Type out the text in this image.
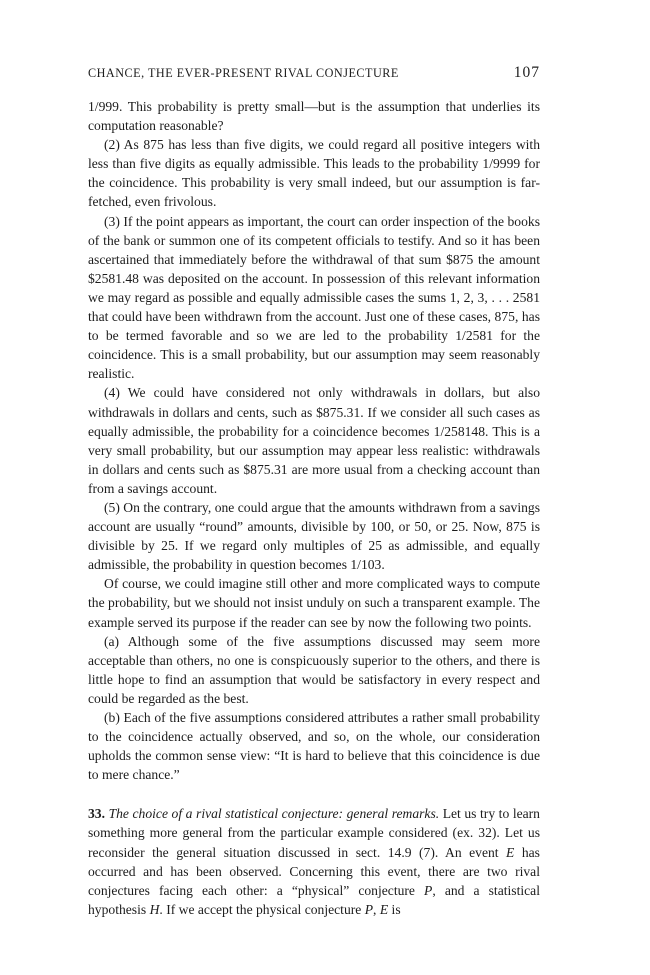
CHANCE, THE EVER-PRESENT RIVAL CONJECTURE	107

1/999. This probability is pretty small—but is the assumption that underlies its computation reasonable?

(2) As 875 has less than five digits, we could regard all positive integers with less than five digits as equally admissible. This leads to the probability 1/9999 for the coincidence. This probability is very small indeed, but our assumption is far-fetched, even frivolous.

(3) If the point appears as important, the court can order inspection of the books of the bank or summon one of its competent officials to testify. And so it has been ascertained that immediately before the withdrawal of that sum $875 the amount $2581.48 was deposited on the account. In possession of this relevant information we may regard as possible and equally admissible cases the sums 1, 2, 3, . . . 2581 that could have been withdrawn from the account. Just one of these cases, 875, has to be termed favorable and so we are led to the probability 1/2581 for the coincidence. This is a small probability, but our assumption may seem reasonably realistic.

(4) We could have considered not only withdrawals in dollars, but also withdrawals in dollars and cents, such as $875.31. If we consider all such cases as equally admissible, the probability for a coincidence becomes 1/258148. This is a very small probability, but our assumption may appear less realistic: withdrawals in dollars and cents such as $875.31 are more usual from a checking account than from a savings account.

(5) On the contrary, one could argue that the amounts withdrawn from a savings account are usually “round” amounts, divisible by 100, or 50, or 25. Now, 875 is divisible by 25. If we regard only multiples of 25 as admissible, and equally admissible, the probability in question becomes 1/103.

Of course, we could imagine still other and more complicated ways to compute the probability, but we should not insist unduly on such a transparent example. The example served its purpose if the reader can see by now the following two points.

(a) Although some of the five assumptions discussed may seem more acceptable than others, no one is conspicuously superior to the others, and there is little hope to find an assumption that would be satisfactory in every respect and could be regarded as the best.

(b) Each of the five assumptions considered attributes a rather small probability to the coincidence actually observed, and so, on the whole, our consideration upholds the common sense view: “It is hard to believe that this coincidence is due to mere chance.”

33. The choice of a rival statistical conjecture: general remarks. Let us try to learn something more general from the particular example considered (ex. 32). Let us reconsider the general situation discussed in sect. 14.9 (7). An event E has occurred and has been observed. Concerning this event, there are two rival conjectures facing each other: a “physical” conjecture P, and a statistical hypothesis H. If we accept the physical conjecture P, E is
